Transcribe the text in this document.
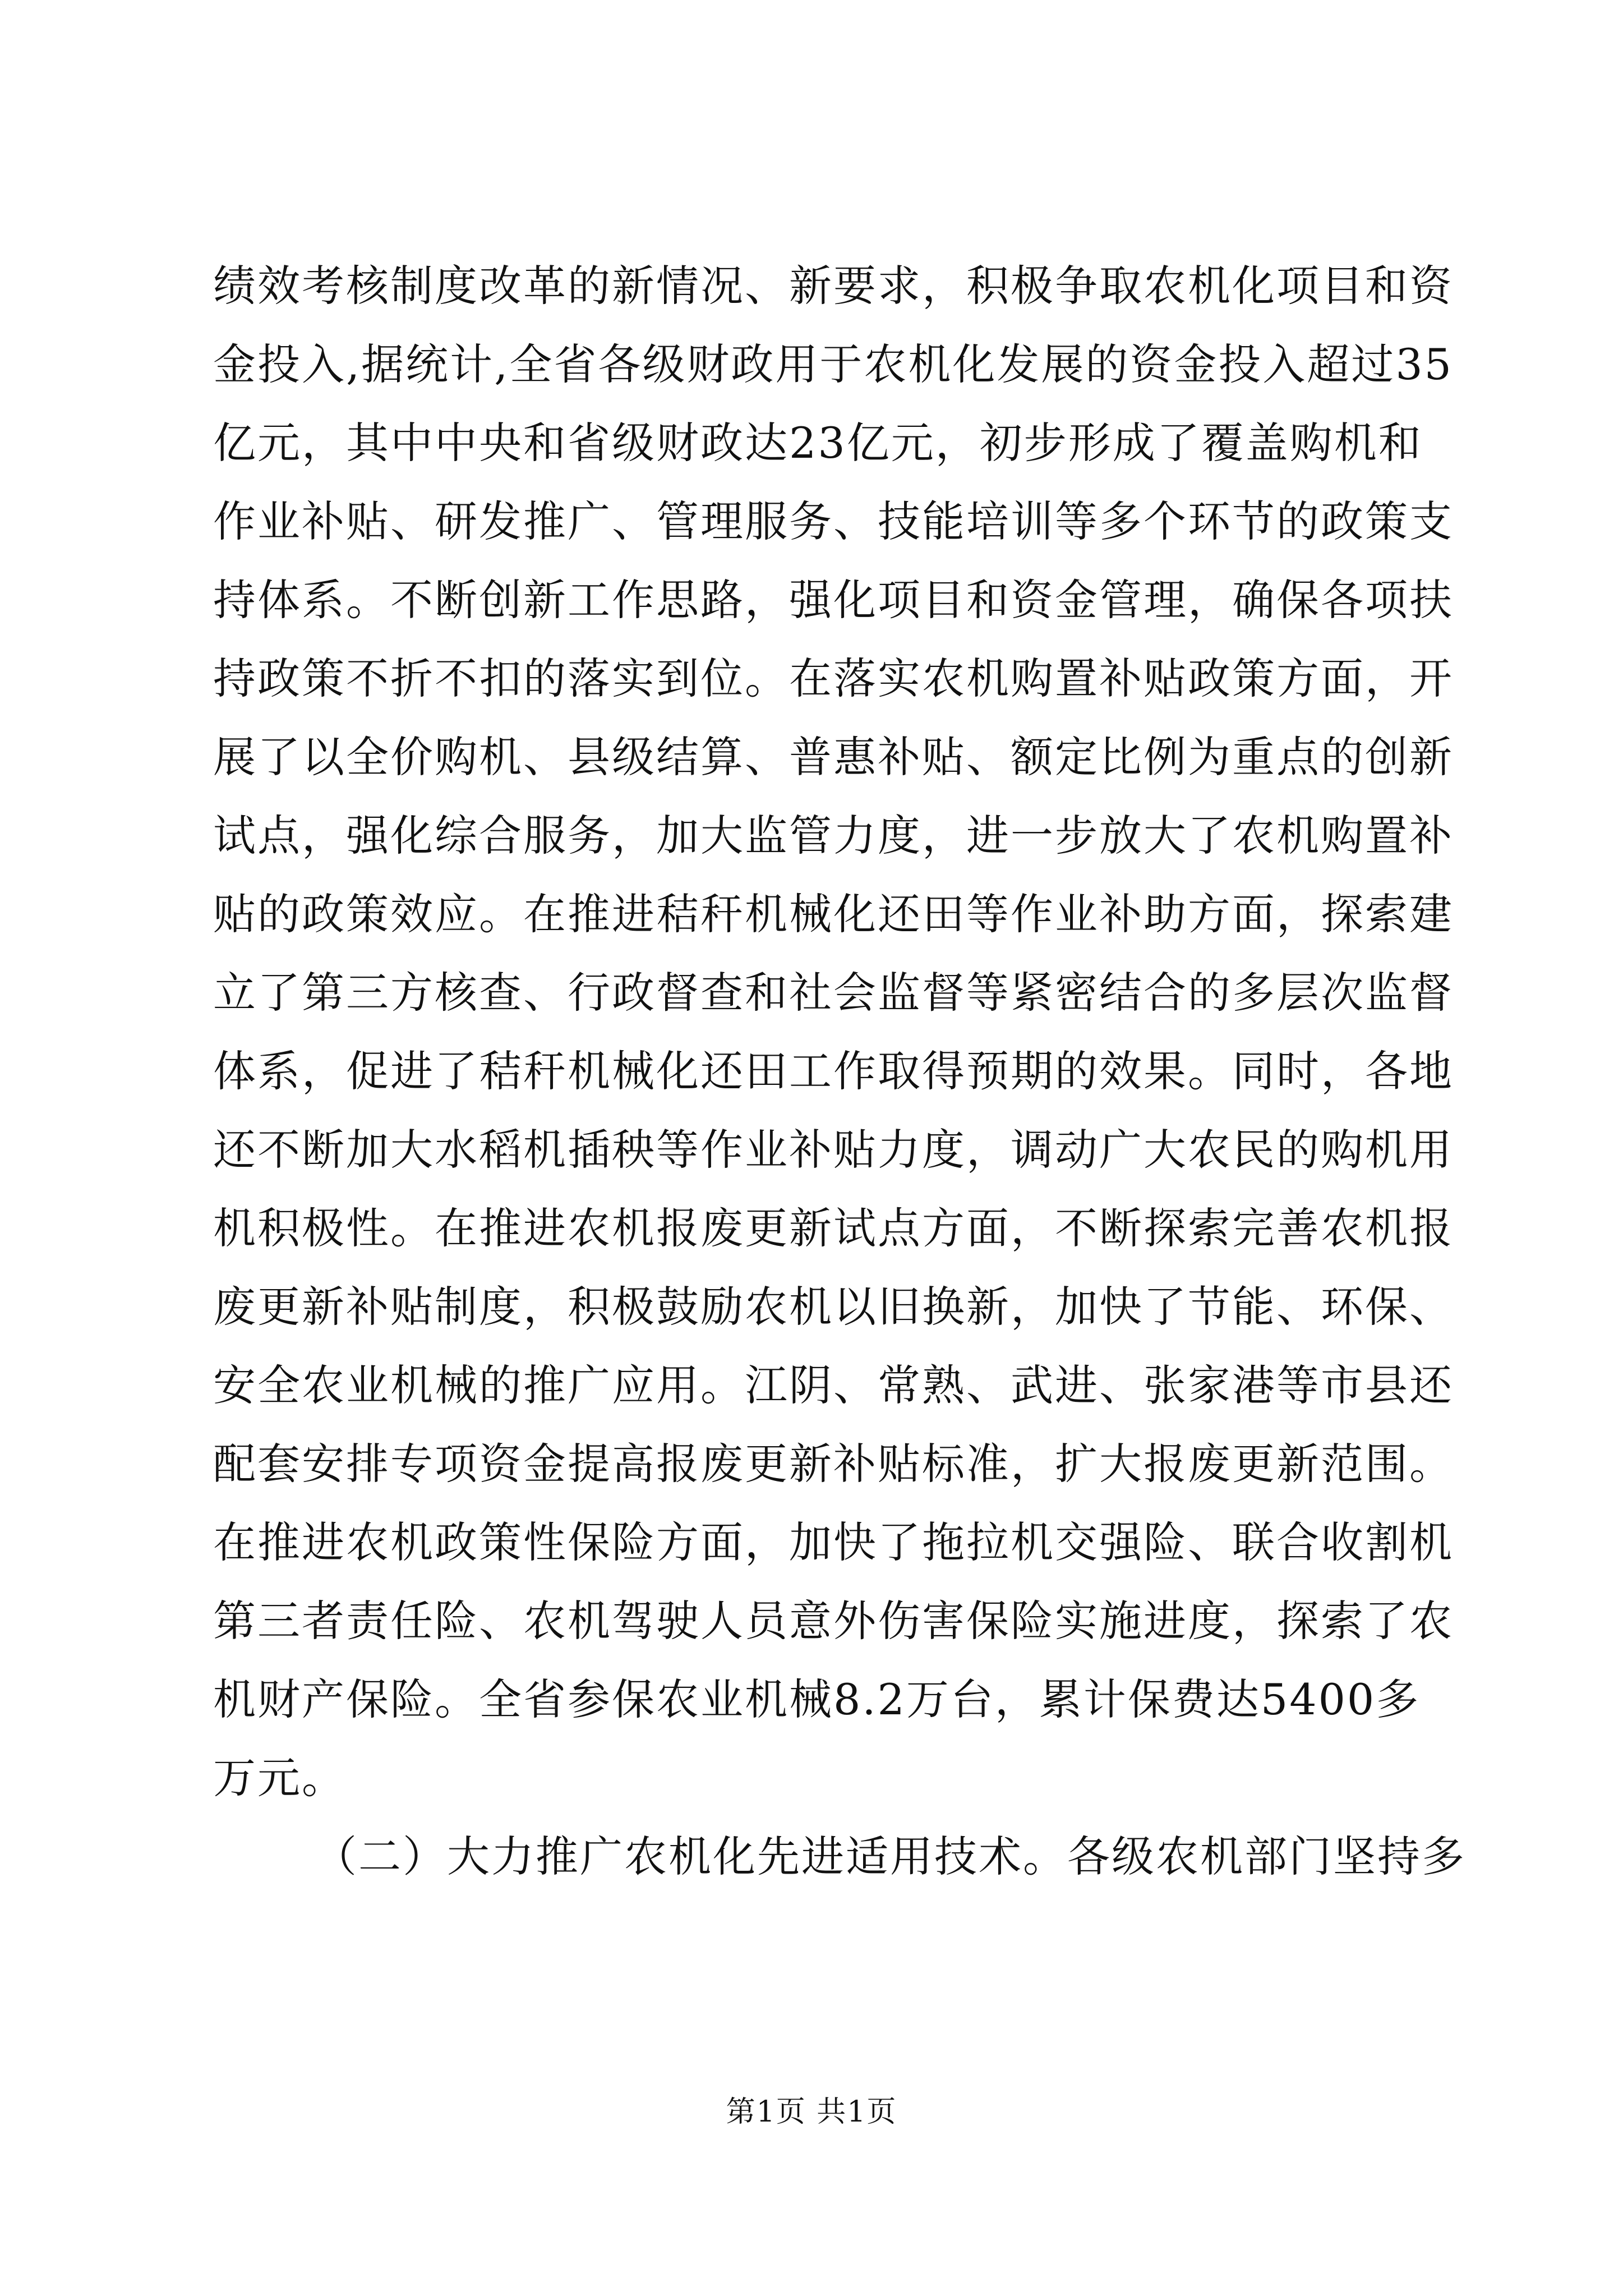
绩效考核制度改革的新情况、新要求，积极争取农机化项目和资
金投入,据统计,全省各级财政用于农机化发展的资金投入超过35
亿元，其中中央和省级财政达23亿元，初步形成了覆盖购机和
作业补贴、研发推广、管理服务、技能培训等多个环节的政策支
持体系。不断创新工作思路，强化项目和资金管理，确保各项扶
持政策不折不扣的落实到位。在落实农机购置补贴政策方面，开
展了以全价购机、县级结算、普惠补贴、额定比例为重点的创新
试点，强化综合服务，加大监管力度，进一步放大了农机购置补
贴的政策效应。在推进秸秆机械化还田等作业补助方面，探索建
立了第三方核查、行政督查和社会监督等紧密结合的多层次监督
体系，促进了秸秆机械化还田工作取得预期的效果。同时，各地
还不断加大水稻机插秧等作业补贴力度，调动广大农民的购机用
机积极性。在推进农机报废更新试点方面，不断探索完善农机报
废更新补贴制度，积极鼓励农机以旧换新，加快了节能、环保、
安全农业机械的推广应用。江阴、常熟、武进、张家港等市县还
配套安排专项资金提高报废更新补贴标准，扩大报废更新范围。
在推进农机政策性保险方面，加快了拖拉机交强险、联合收割机
第三者责任险、农机驾驶人员意外伤害保险实施进度，探索了农
机财产保险。全省参保农业机械8.2万台，累计保费达5400多
万元。
（二）大力推广农机化先进适用技术。各级农机部门坚持多
第1页 共1页
